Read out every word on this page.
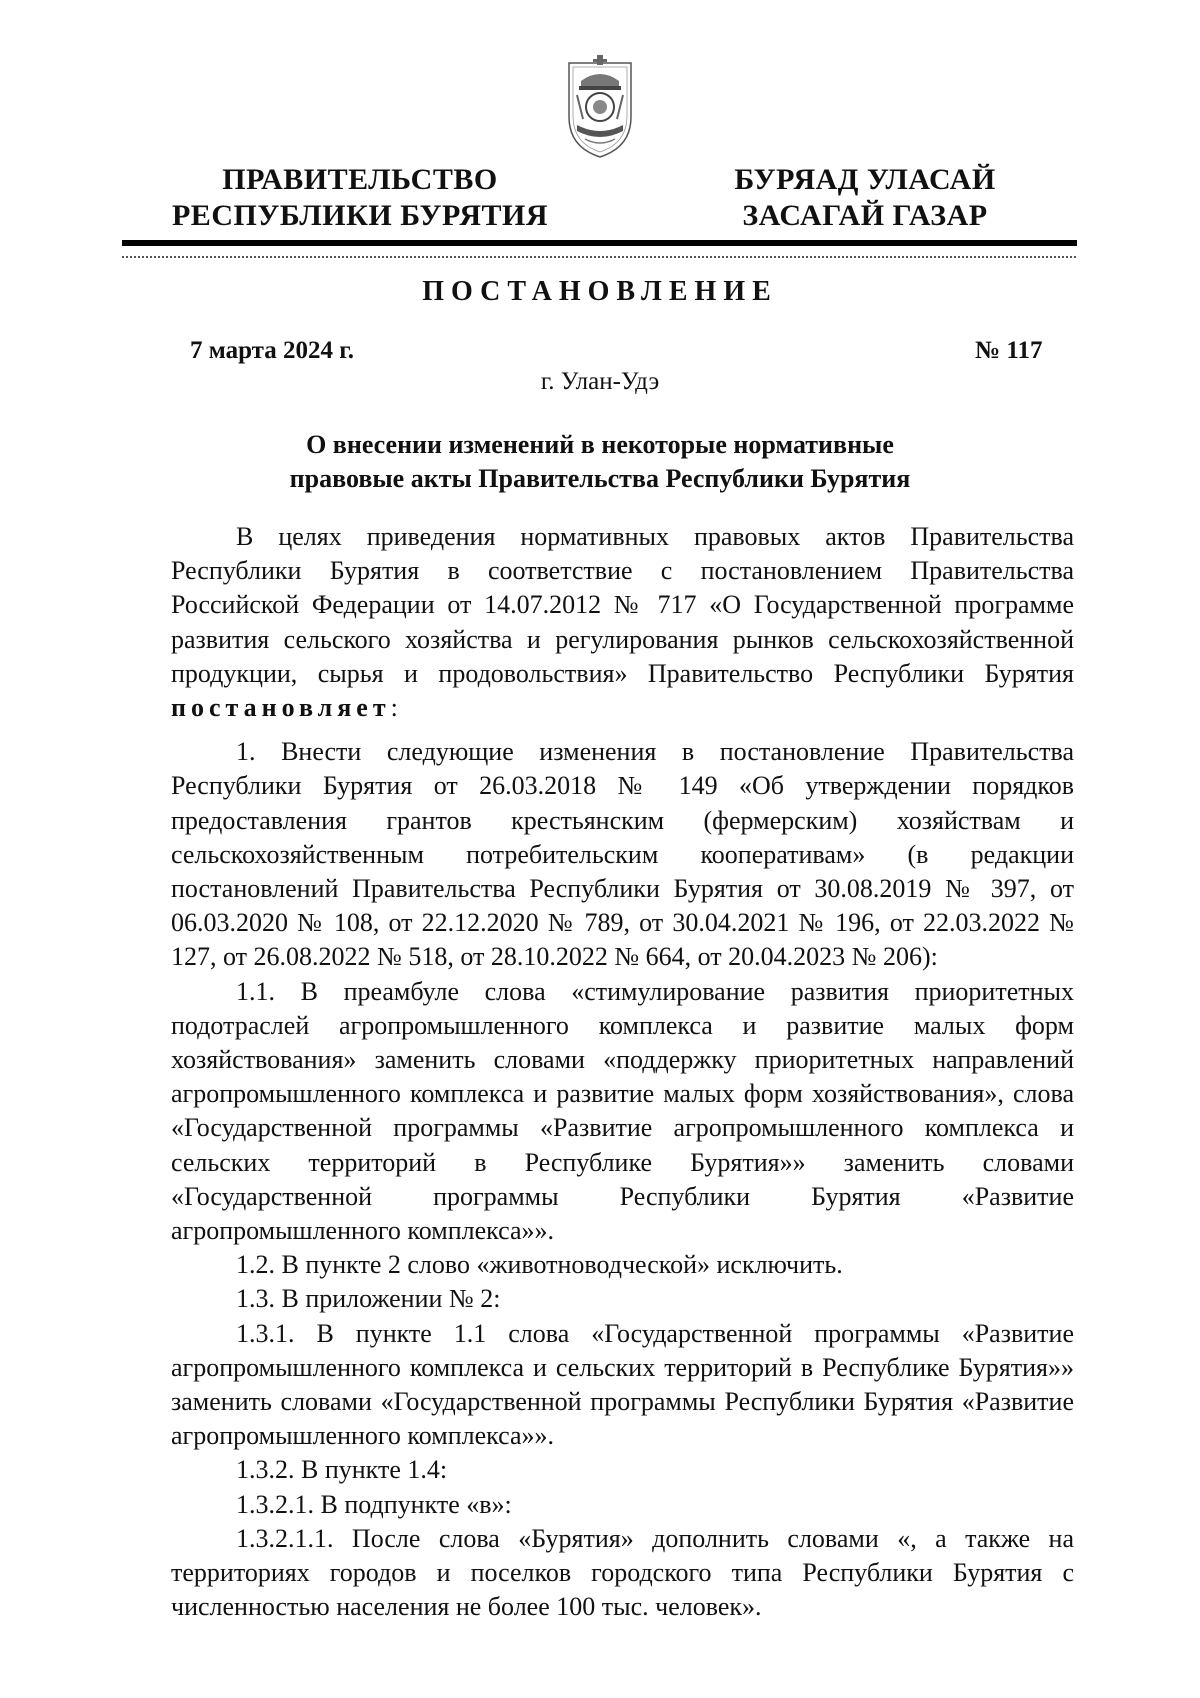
ПРАВИТЕЛЬСТВО
РЕСПУБЛИКИ БУРЯТИЯ
БУРЯАД УЛАСАЙ
ЗАСАГАЙ ГАЗАР
ПОСТАНОВЛЕНИЕ
7 марта 2024 г.	№ 117
г. Улан-Удэ
О внесении изменений в некоторые нормативные
правовые акты Правительства Республики Бурятия

В целях приведения нормативных правовых актов Правительства Республики Бурятия в соответствие с постановлением Правительства Российской Федерации от 14.07.2012 № 717 «О Государственной программе развития сельского хозяйства и регулирования рынков сельскохозяйственной продукции, сырья и продовольствия» Правительство Республики Бурятия постановляет:

1. Внести следующие изменения в постановление Правительства Республики Бурятия от 26.03.2018 № 149 «Об утверждении порядков предоставления грантов крестьянским (фермерским) хозяйствам и сельскохозяйственным потребительским кооперативам» (в редакции постановлений Правительства Республики Бурятия от 30.08.2019 № 397, от 06.03.2020 № 108, от 22.12.2020 № 789, от 30.04.2021 № 196, от 22.03.2022 № 127, от 26.08.2022 № 518, от 28.10.2022 № 664, от 20.04.2023 № 206):

1.1. В преамбуле слова «стимулирование развития приоритетных подотраслей агропромышленного комплекса и развитие малых форм хозяйствования» заменить словами «поддержку приоритетных направлений агропромышленного комплекса и развитие малых форм хозяйствования», слова «Государственной программы «Развитие агропромышленного комплекса и сельских территорий в Республике Бурятия»» заменить словами «Государственной программы Республики Бурятия «Развитие агропромышленного комплекса»».

1.2. В пункте 2 слово «животноводческой» исключить.

1.3. В приложении № 2:

1.3.1. В пункте 1.1 слова «Государственной программы «Развитие агропромышленного комплекса и сельских территорий в Республике Бурятия»» заменить словами «Государственной программы Республики Бурятия «Развитие агропромышленного комплекса»».

1.3.2. В пункте 1.4:

1.3.2.1. В подпункте «в»:

1.3.2.1.1. После слова «Бурятия» дополнить словами «, а также на территориях городов и поселков городского типа Республики Бурятия с численностью населения не более 100 тыс. человек».
